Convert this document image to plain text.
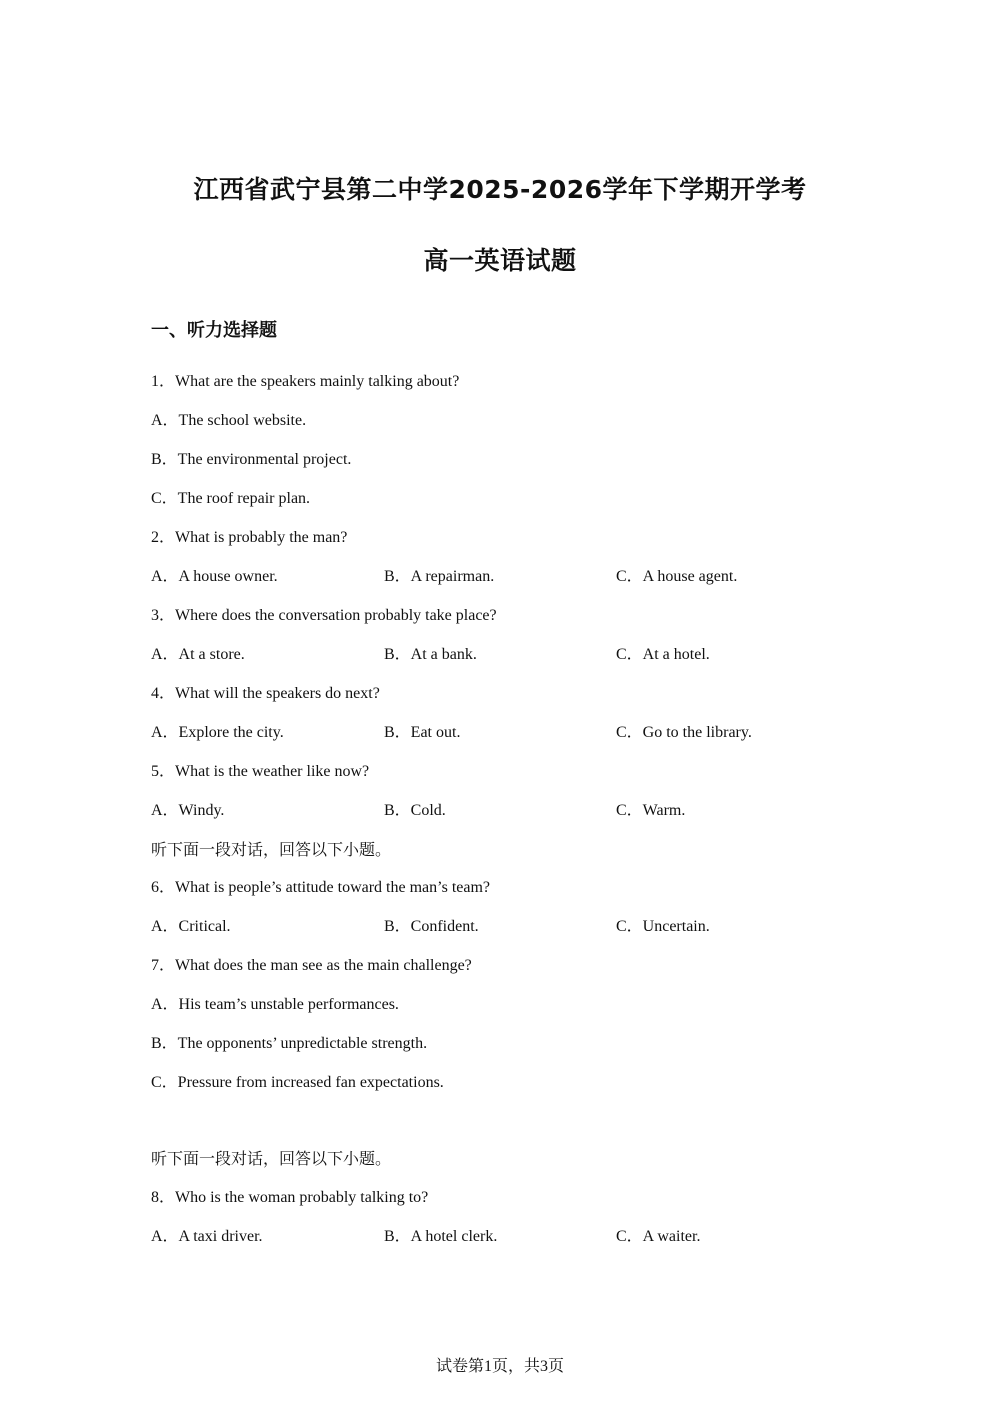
江西省武宁县第二中学2025-2026学年下学期开学考
高一英语试题
一、听力选择题
1．What are the speakers mainly talking about?
A．The school website.
B．The environmental project.
C．The roof repair plan.
2．What is probably the man?
A．A house owner.	B．A repairman.	C．A house agent.
3．Where does the conversation probably take place?
A．At a store.	B．At a bank.	C．At a hotel.
4．What will the speakers do next?
A．Explore the city.	B．Eat out.	C．Go to the library.
5．What is the weather like now?
A．Windy.	B．Cold.	C．Warm.
听下面一段对话，回答以下小题。
6．What is people’s attitude toward the man’s team?
A．Critical.	B．Confident.	C．Uncertain.
7．What does the man see as the main challenge?
A．His team’s unstable performances.
B．The opponents’ unpredictable strength.
C．Pressure from increased fan expectations.
听下面一段对话，回答以下小题。
8．Who is the woman probably talking to?
A．A taxi driver.	B．A hotel clerk.	C．A waiter.
试卷第1页，共3页
